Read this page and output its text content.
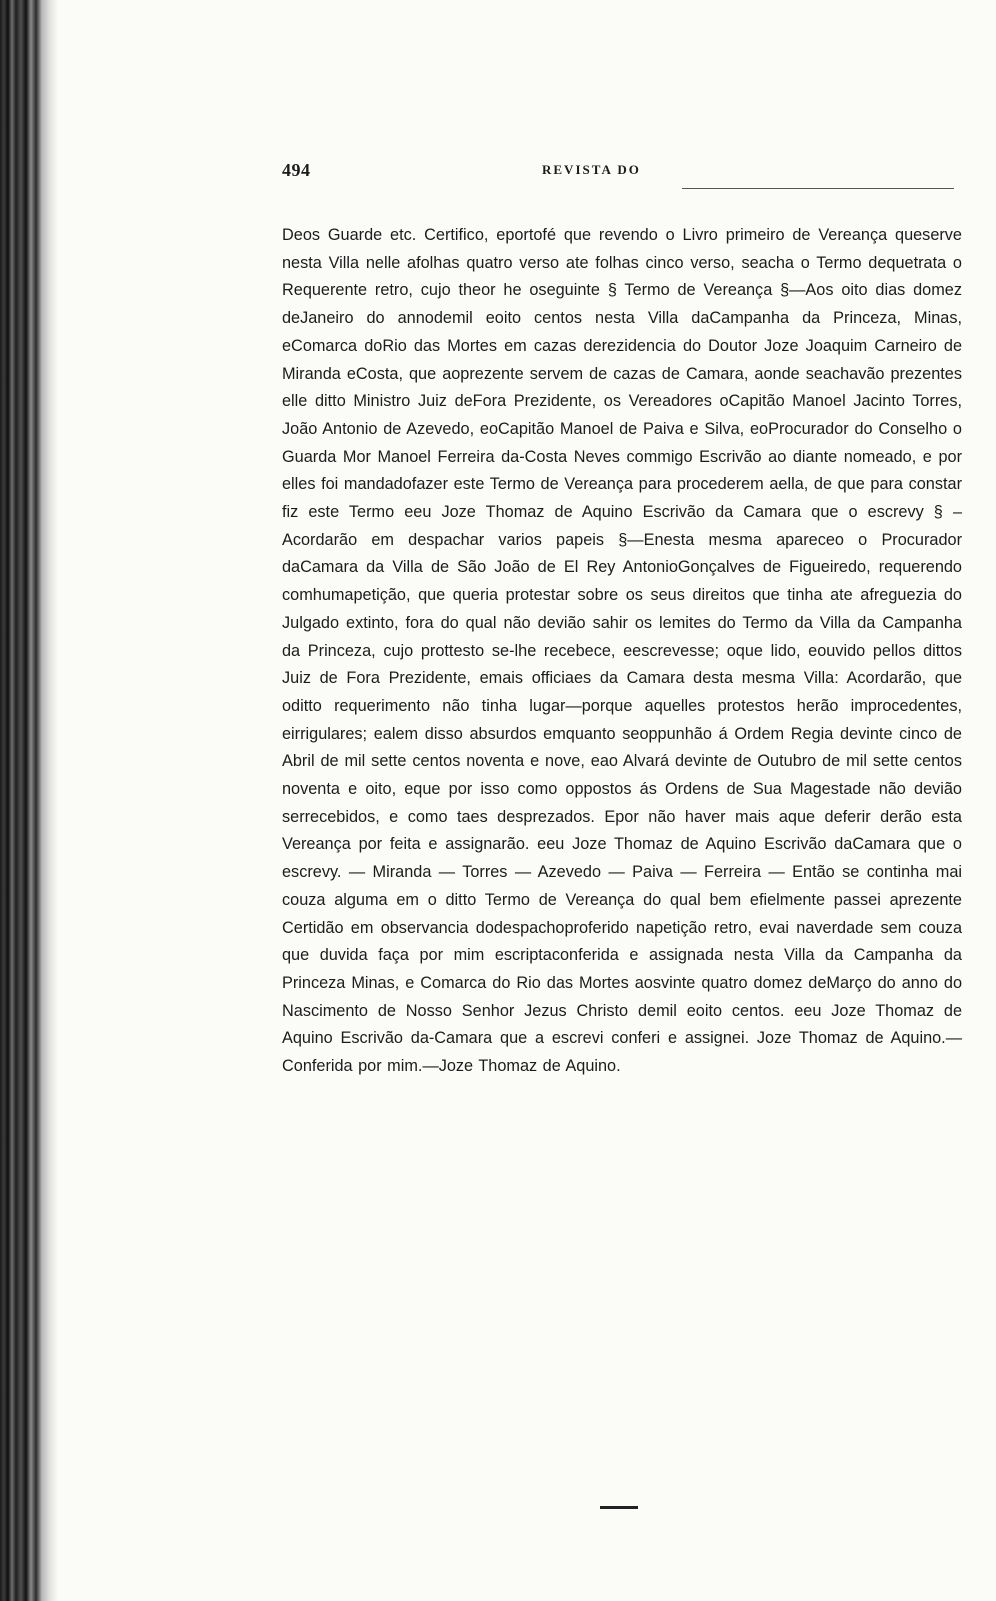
494	REVISTA DO

Deos Guarde etc. Certifico, eportofé que revendo o Livro primeiro de Vereança queserve nesta Villa nelle afolhas quatro verso ate folhas cinco verso, seacha o Termo dequetrata o Requerente retro, cujo theor he oseguinte § Termo de Vereança §—Aos oito dias domez deJaneiro do annodemil eoito centos nesta Villa daCampanha da Princeza, Minas, eComarca doRio das Mortes em cazas derezidencia do Doutor Joze Joaquim Carneiro de Miranda eCosta, que aoprezente servem de cazas de Camara, aonde seachavão prezentes elle ditto Ministro Juiz deFora Prezidente, os Vereadores oCapitão Manoel Jacinto Torres, João Antonio de Azevedo, eoCapitão Manoel de Paiva e Silva, eoProcurador do Conselho o Guarda Mor Manoel Ferreira da-Costa Neves commigo Escrivão ao diante nomeado, e por elles foi mandadofazer este Termo de Vereança para procederem aella, de que para constar fiz este Termo eeu Joze Thomaz de Aquino Escrivão da Camara que o escrevy § –Acordarão em despachar varios papeis §—Enesta mesma apareceo o Procurador daCamara da Villa de São João de El Rey AntonioGonçalves de Figueiredo, requerendo comhumapetição, que queria protestar sobre os seus direitos que tinha ate afreguezia do Julgado extinto, fora do qual não devião sahir os lemites do Termo da Villa da Campanha da Princeza, cujo prottesto se-lhe recebece, eescrevesse; oque lido, eouvido pellos dittos Juiz de Fora Prezidente, emais officiaes da Camara desta mesma Villa: Acordarão, que oditto requerimento não tinha lugar—porque aquelles protestos herão improcedentes, eirrigulares; ealem disso absurdos emquanto seoppunhão á Ordem Regia devinte cinco de Abril de mil sette centos noventa e nove, eao Alvará devinte de Outubro de mil sette centos noventa e oito, eque por isso como oppostos ás Ordens de Sua Magestade não devião serrecebidos, e como taes desprezados. Epor não haver mais aque deferir derão esta Vereança por feita e assignarão. eeu Joze Thomaz de Aquino Escrivão daCamara que o escrevy. — Miranda — Torres — Azevedo — Paiva — Ferreira — Então se continha mai couza alguma em o ditto Termo de Vereança do qual bem efielmente passei aprezente Certidão em observancia dodespachoproferido napetição retro, evai naverdade sem couza que duvida faça por mim escriptaconferida e assignada nesta Villa da Campanha da Princeza Minas, e Comarca do Rio das Mortes aosvinte quatro domez deMarço do anno do Nascimento de Nosso Senhor Jezus Christo demil eoito centos. eeu Joze Thomaz de Aquino Escrivão da-Camara que a escrevi conferi e assignei. Joze Thomaz de Aquino.—Conferida por mim.—Joze Thomaz de Aquino.
